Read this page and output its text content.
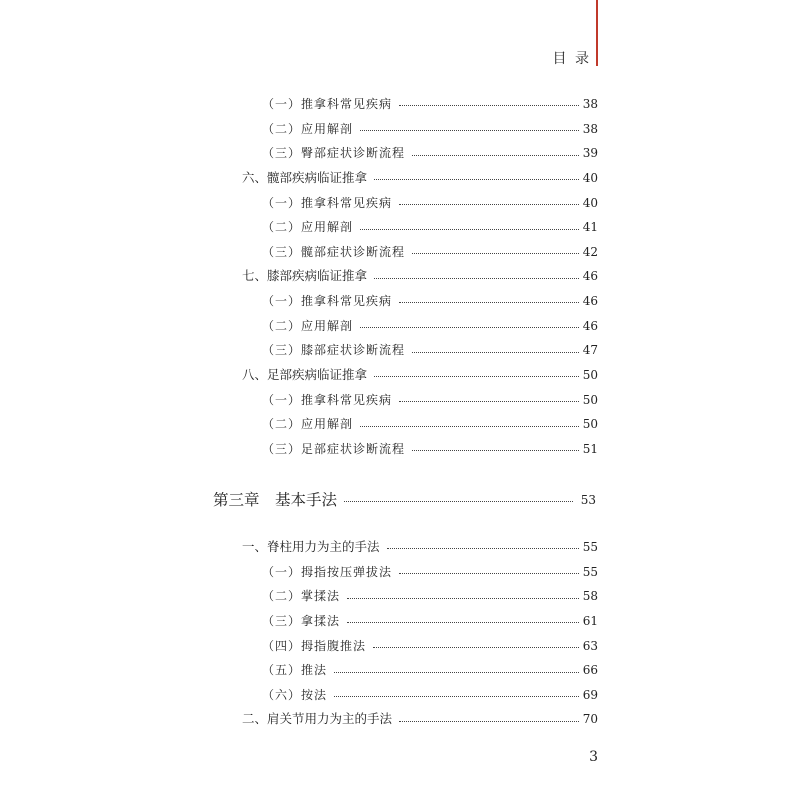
目 录
（一）推拿科常见疾病	38
（二）应用解剖	38
（三）臀部症状诊断流程	39
六、髋部疾病临证推拿	40
（一）推拿科常见疾病	40
（二）应用解剖	41
（三）髋部症状诊断流程	42
七、膝部疾病临证推拿	46
（一）推拿科常见疾病	46
（二）应用解剖	46
（三）膝部症状诊断流程	47
八、足部疾病临证推拿	50
（一）推拿科常见疾病	50
（二）应用解剖	50
（三）足部症状诊断流程	51
第三章　基本手法	53
一、脊柱用力为主的手法	55
（一）拇指按压弹拔法	55
（二）掌揉法	58
（三）拿揉法	61
（四）拇指腹推法	63
（五）推法	66
（六）按法	69
二、肩关节用力为主的手法	70
3
